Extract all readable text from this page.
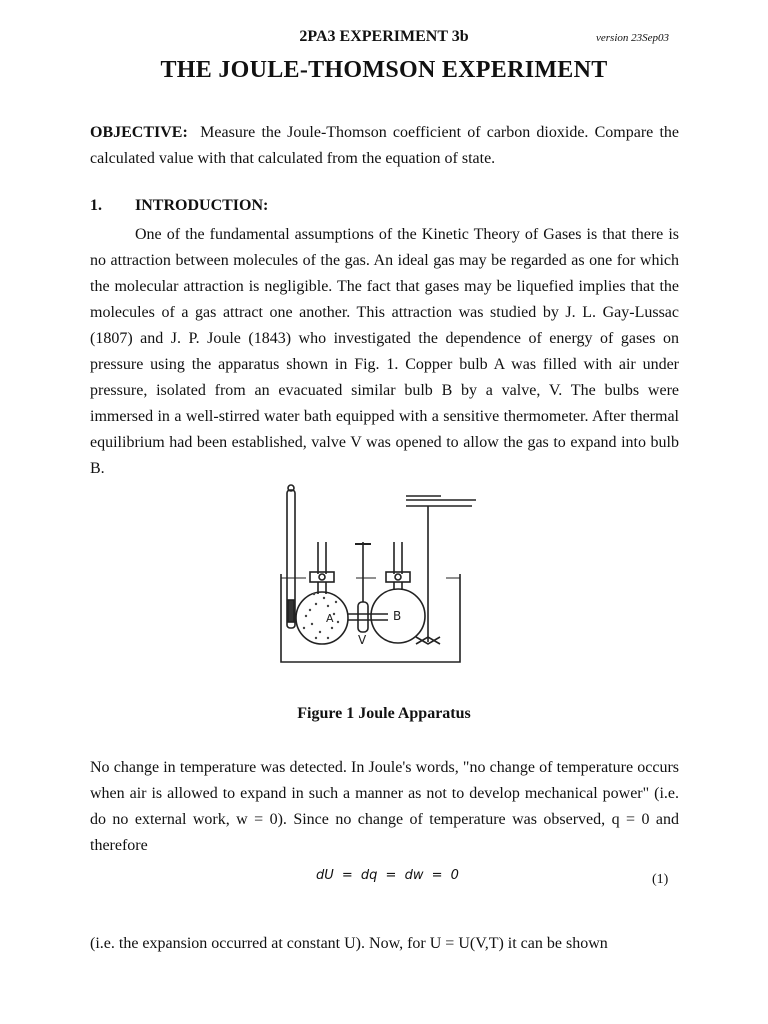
2PA3 EXPERIMENT 3b	version 23Sep03
THE JOULE-THOMSON EXPERIMENT

OBJECTIVE: Measure the Joule-Thomson coefficient of carbon dioxide. Compare the calculated value with that calculated from the equation of state.

1. INTRODUCTION:

One of the fundamental assumptions of the Kinetic Theory of Gases is that there is no attraction between molecules of the gas. An ideal gas may be regarded as one for which the molecular attraction is negligible. The fact that gases may be liquefied implies that the molecules of a gas attract one another. This attraction was studied by J. L. Gay-Lussac (1807) and J. P. Joule (1843) who investigated the dependence of energy of gases on pressure using the apparatus shown in Fig. 1. Copper bulb A was filled with air under pressure, isolated from an evacuated similar bulb B by a valve, V. The bulbs were immersed in a well-stirred water bath equipped with a sensitive thermometer. After thermal equilibrium had been established, valve V was opened to allow the gas to expand into bulb B.

A	B
V
Figure 1 Joule Apparatus

No change in temperature was detected. In Joule's words, "no change of temperature occurs when air is allowed to expand in such a manner as not to develop mechanical power" (i.e. do no external work, w = 0). Since no change of temperature was observed, q = 0 and therefore

dU = dq = dw = 0	(1)

(i.e. the expansion occurred at constant U). Now, for U = U(V,T) it can be shown
